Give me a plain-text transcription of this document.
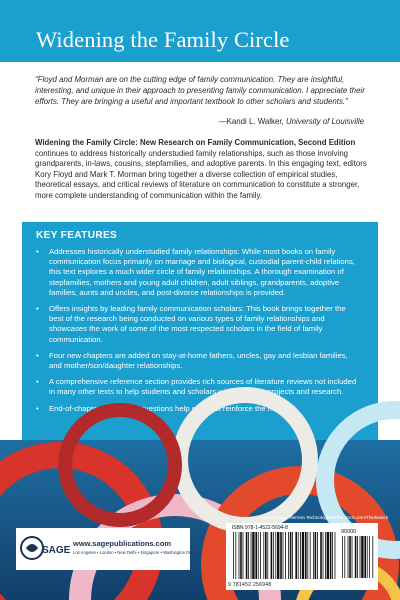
Widening the Family Circle
“Floyd and Morman are on the cutting edge of family communication. They are insightful, interesting, and unique in their approach to presenting family communication. I appreciate their efforts. They are bringing a useful and important textbook to other scholars and students.”
—Kandi L. Walker, University of Louisville
Widening the Family Circle: New Research on Family Communication, Second Edition continues to address historically understudied family relationships, such as those involving grandparents, in-laws, cousins, stepfamilies, and adoptive parents. In this engaging text, editors Kory Floyd and Mark T. Morman bring together a diverse collection of empirical studies, theoretical essays, and critical reviews of literature on communication to constitute a stronger, more complete understanding of communication within the family.
KEY FEATURES
• Addresses historically understudied family relationships: While most books on family communication focus primarily on marriage and biological, custodial parent-child relations, this text explores a much wider circle of family relationships. A thorough examination of stepfamilies, mothers and young adult children, adult siblings, grandparents, adoptive families, aunts and uncles, and post-divorce relationships is provided.
• Offers insights by leading family communication scholars: This book brings together the best of the research being conducted on various types of family relationships and showcases the work of some of the most respected scholars in the field of family communication.
• Four new chapters are added on stay-at-home fathers, uncles, gay and lesbian families, and mother/son/daughter relationships.
• A comprehensive reference section provides rich sources of literature reviews not included in many other texts to help students and scholars with their own projects and research.
• End-of-chapter discussion questions help students reinforce the material.
Cover image: Herrera Technologies/AbleStock.com/Thinkstock
SAGE
www.sagepublications.com
Los Angeles • London • New Delhi • Singapore • Washington DC
ISBN 978-1-4522-5694-8
90000
9 781452 256948
